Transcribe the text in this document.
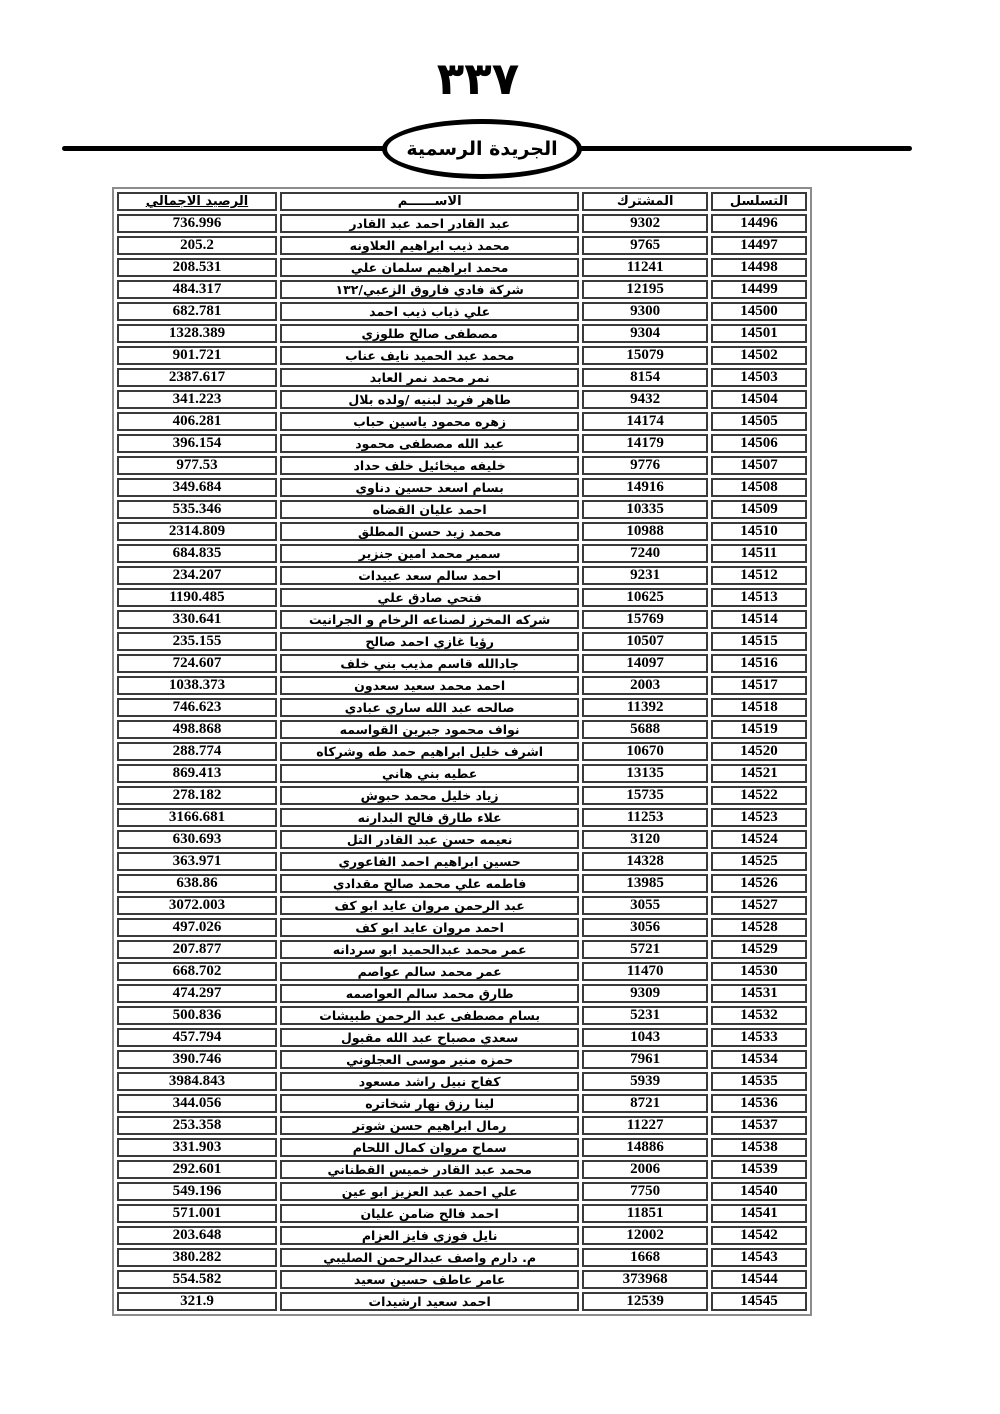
٣٣٧
الجريدة الرسمية
التسلسل	المشترك	الاســــــم	الرصيد الاجمالي
14496	9302	عبد القادر احمد عبد القادر	736.996
14497	9765	محمد ذيب ابراهيم العلاونه	205.2
14498	11241	محمد ابراهيم سلمان علي	208.531
14499	12195	شركة فادي فاروق الزعبي/١٣٢	484.317
14500	9300	علي ذياب ذيب احمد	682.781
14501	9304	مصطفى صالح طلوزي	1328.389
14502	15079	محمد عبد الحميد نايف عناب	901.721
14503	8154	نمر محمد نمر العابد	2387.617
14504	9432	طاهر فريد لبنيه /ولده بلال	341.223
14505	14174	زهره محمود ياسين حباب	406.281
14506	14179	عبد الله مصطفى محمود	396.154
14507	9776	خليفه ميخائيل خلف حداد	977.53
14508	14916	بسام اسعد حسين دناوي	349.684
14509	10335	احمد عليان القضاه	535.346
14510	10988	محمد زيد حسن المطلق	2314.809
14511	7240	سمير محمد امين جنزير	684.835
14512	9231	احمد سالم سعد عبيدات	234.207
14513	10625	فتحي صادق علي	1190.485
14514	15769	شركه المخرز لصناعه الرخام و الجرانيت	330.641
14515	10507	رؤيا غازي احمد صالح	235.155
14516	14097	جادالله قاسم مذيب بني خلف	724.607
14517	2003	احمد محمد سعيد سعدون	1038.373
14518	11392	صالحه عبد الله ساري عبادي	746.623
14519	5688	نواف محمود جبرين القواسمه	498.868
14520	10670	اشرف خليل ابراهيم حمد طه وشركاه	288.774
14521	13135	عطيه بني هاني	869.413
14522	15735	زياد خليل محمد حبوش	278.182
14523	11253	علاء طارق فالح البدارنه	3166.681
14524	3120	نعيمه حسن عبد القادر التل	630.693
14525	14328	حسين ابراهيم احمد الفاعوري	363.971
14526	13985	فاطمه علي محمد صالح مقدادي	638.86
14527	3055	عبد الرحمن مروان عايد ابو كف	3072.003
14528	3056	احمد مروان عايد ابو كف	497.026
14529	5721	عمر محمد عبدالحميد ابو سردانه	207.877
14530	11470	عمر محمد سالم عواصم	668.702
14531	9309	طارق محمد سالم العواصمه	474.297
14532	5231	بسام مصطفى عبد الرحمن طبيشات	500.836
14533	1043	سعدي مصباح عبد الله مقبول	457.794
14534	7961	حمزه منير موسى العجلوني	390.746
14535	5939	كفاح نبيل راشد مسعود	3984.843
14536	8721	لينا رزق نهار شخاتره	344.056
14537	11227	رمال ابراهيم حسن شوتر	253.358
14538	14886	سماح مروان كمال اللحام	331.903
14539	2006	محمد عبد القادر خميس القطناني	292.601
14540	7750	علي احمد عبد العزيز ابو عين	549.196
14541	11851	احمد فالح ضامن عليان	571.001
14542	12002	نايل فوزي فايز العزام	203.648
14543	1668	م. دارم واصف عبدالرحمن الصليبي	380.282
14544	373968	عامر عاطف حسين سعيد	554.582
14545	12539	احمد سعيد ارشيدات	321.9
